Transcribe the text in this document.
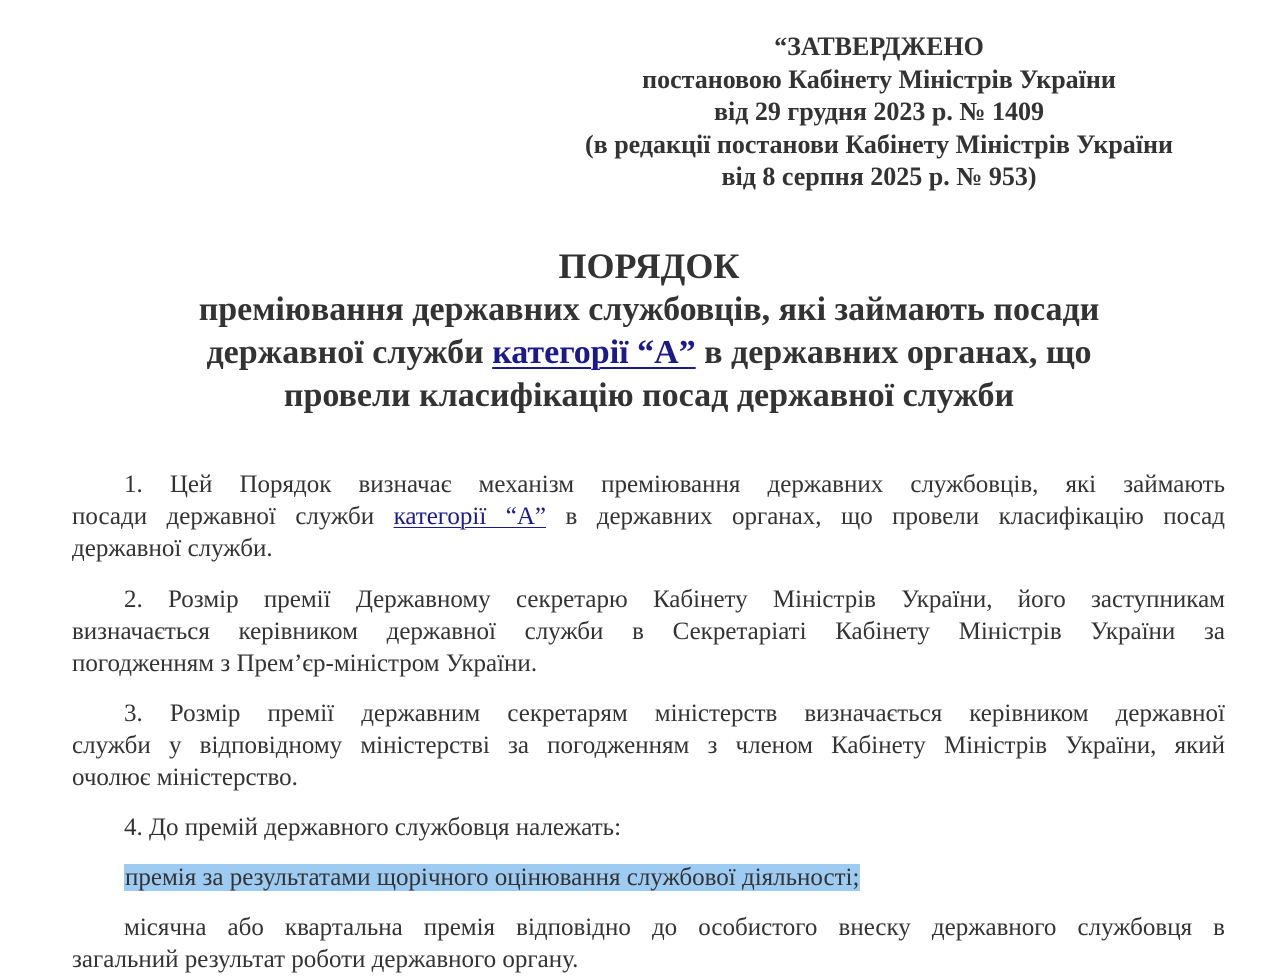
“ЗАТВЕРДЖЕНО
постановою Кабінету Міністрів України
від 29 грудня 2023 р. № 1409
(в редакції постанови Кабінету Міністрів України
від 8 серпня 2025 р. № 953)
ПОРЯДОК
преміювання державних службовців, які займають посади
державної служби категорії “А” в державних органах, що
провели класифікацію посад державної служби
1. Цей Порядок визначає механізм преміювання державних службовців, які займають
посади державної служби категорії “А” в державних органах, що провели класифікацію посад
державної служби.
2. Розмір премії Державному секретарю Кабінету Міністрів України, його заступникам
визначається керівником державної служби в Секретаріаті Кабінету Міністрів України за
погодженням з Прем’єр-міністром України.
3. Розмір премії державним секретарям міністерств визначається керівником державної
служби у відповідному міністерстві за погодженням з членом Кабінету Міністрів України, який
очолює міністерство.
4. До премій державного службовця належать:
премія за результатами щорічного оцінювання службової діяльності;
місячна або квартальна премія відповідно до особистого внеску державного службовця в
загальний результат роботи державного органу.
